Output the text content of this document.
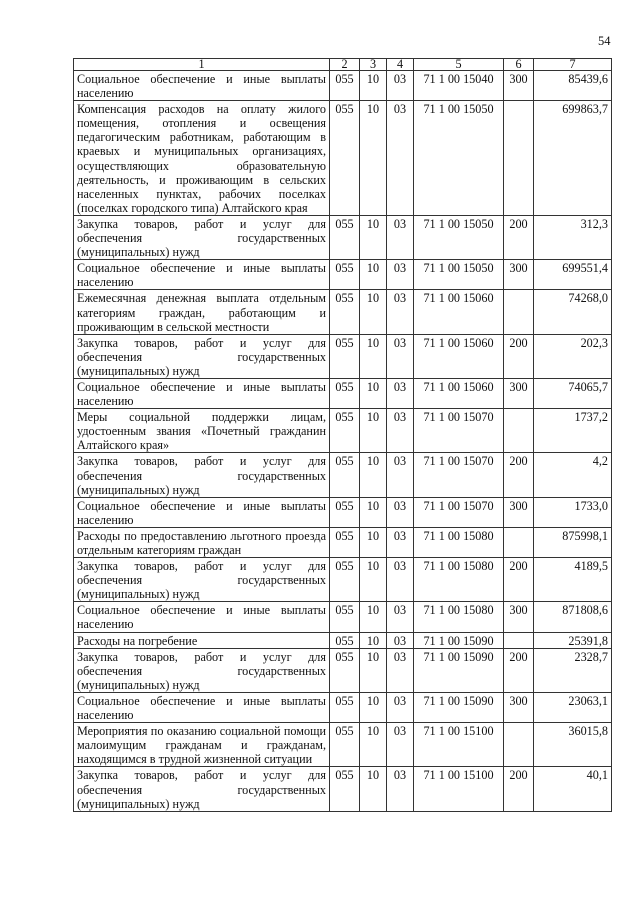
54
1	2	3	4	5	6	7
Социальное обеспечение и иные выплаты населению	055	10	03	71 1 00 15040	300	85439,6
Компенсация расходов на оплату жилого помещения, отопления и освещения педагогическим работникам, работающим в краевых и муниципальных организациях, осуществляющих образовательную деятельность, и проживающим в сельских населенных пунктах, рабочих поселках (поселках городского типа) Алтайского края	055	10	03	71 1 00 15050		699863,7
Закупка товаров, работ и услуг для обеспечения государственных (муниципальных) нужд	055	10	03	71 1 00 15050	200	312,3
Социальное обеспечение и иные выплаты населению	055	10	03	71 1 00 15050	300	699551,4
Ежемесячная денежная выплата отдельным категориям граждан, работающим и проживающим в сельской местности	055	10	03	71 1 00 15060		74268,0
Закупка товаров, работ и услуг для обеспечения государственных (муниципальных) нужд	055	10	03	71 1 00 15060	200	202,3
Социальное обеспечение и иные выплаты населению	055	10	03	71 1 00 15060	300	74065,7
Меры социальной поддержки лицам, удостоенным звания «Почетный гражданин Алтайского края»	055	10	03	71 1 00 15070		1737,2
Закупка товаров, работ и услуг для обеспечения государственных (муниципальных) нужд	055	10	03	71 1 00 15070	200	4,2
Социальное обеспечение и иные выплаты населению	055	10	03	71 1 00 15070	300	1733,0
Расходы по предоставлению льготного проезда отдельным категориям граждан	055	10	03	71 1 00 15080		875998,1
Закупка товаров, работ и услуг для обеспечения государственных (муниципальных) нужд	055	10	03	71 1 00 15080	200	4189,5
Социальное обеспечение и иные выплаты населению	055	10	03	71 1 00 15080	300	871808,6
Расходы на погребение	055	10	03	71 1 00 15090		25391,8
Закупка товаров, работ и услуг для обеспечения государственных (муниципальных) нужд	055	10	03	71 1 00 15090	200	2328,7
Социальное обеспечение и иные выплаты населению	055	10	03	71 1 00 15090	300	23063,1
Мероприятия по оказанию социальной помощи малоимущим гражданам и гражданам, находящимся в трудной жизненной ситуации	055	10	03	71 1 00 15100		36015,8
Закупка товаров, работ и услуг для обеспечения государственных (муниципальных) нужд	055	10	03	71 1 00 15100	200	40,1
